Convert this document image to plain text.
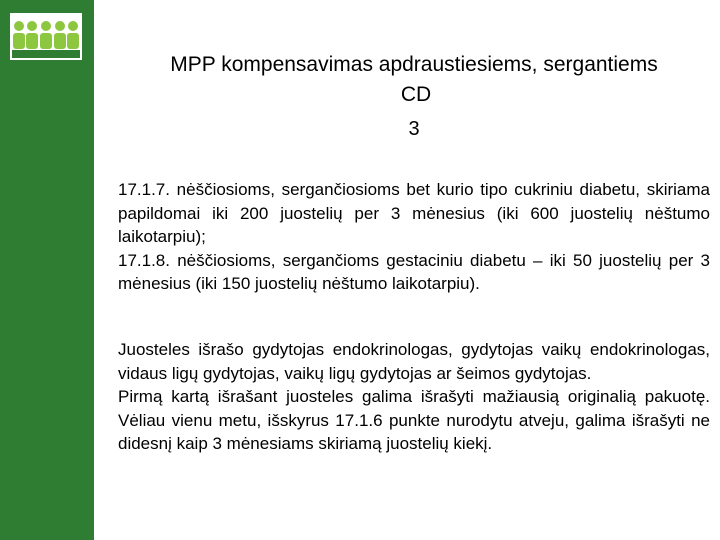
MPP kompensavimas apdraustiesiems, sergantiems

CD
3

17.1.7. nėščiosioms, sergančiosioms bet kurio tipo cukriniu diabetu, skiriama papildomai iki 200 juostelių per 3 mėnesius (iki 600 juostelių nėštumo laikotarpiu);

17.1.8. nėščiosioms, sergančioms gestaciniu diabetu – iki 50 juostelių per 3 mėnesius (iki 150 juostelių nėštumo laikotarpiu).

Juosteles išrašo gydytojas endokrinologas, gydytojas vaikų endokrinologas, vidaus ligų gydytojas, vaikų ligų gydytojas ar šeimos gydytojas.

Pirmą kartą išrašant juosteles galima išrašyti mažiausią originalią pakuotę. Vėliau vienu metu, išskyrus 17.1.6 punkte nurodytu atveju, galima išrašyti ne didesnį kaip 3 mėnesiams skiriamą juostelių kiekį.
